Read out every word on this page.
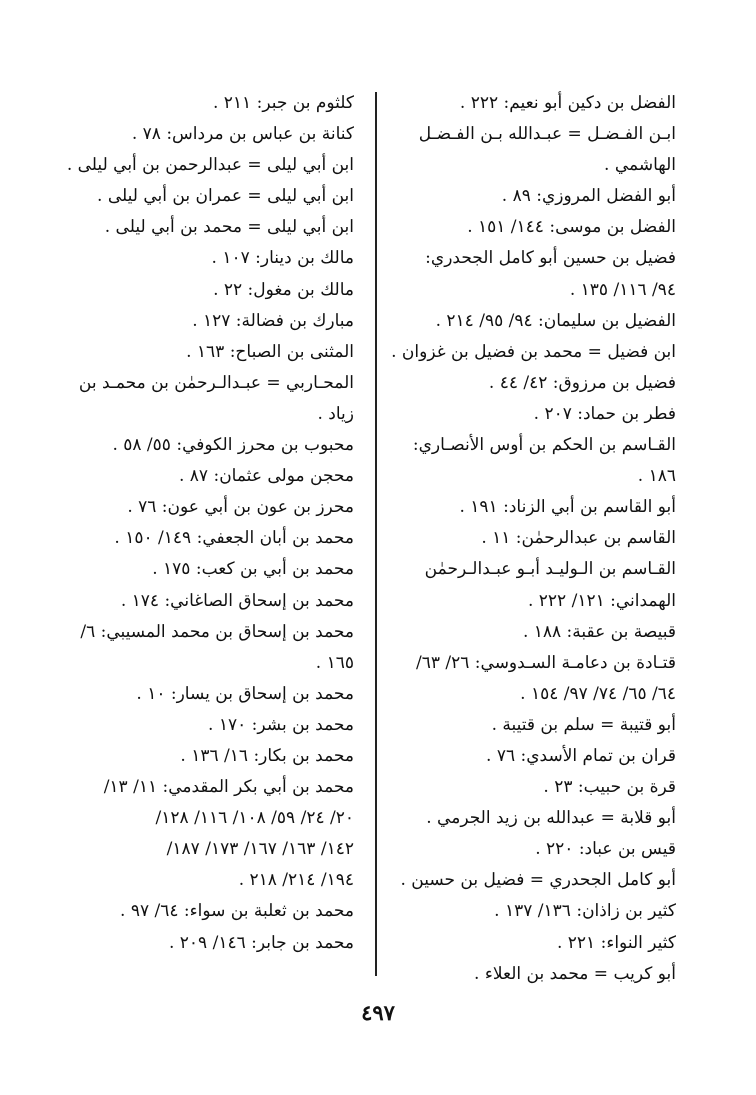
الفضل بن دكين أبو نعيم: ٢٢٢ .
ابـن الفـضـل = عبـدالله بـن الفـضـل
الهاشمي .
أبو الفضل المروزي: ٨٩ .
الفضل بن موسى: ١٤٤/ ١٥١ .
فضيل بن حسين أبو كامل الجحدري:
٩٤/ ١١٦/ ١٣٥ .
الفضيل بن سليمان: ٩٤/ ٩٥/ ٢١٤ .
ابن فضيل = محمد بن فضيل بن غزوان .
فضيل بن مرزوق: ٤٢/ ٤٤ .
فطر بن حماد: ٢٠٧ .
القـاسم بن الحكم بن أوس الأنصـاري:
١٨٦ .
أبو القاسم بن أبي الزناد: ١٩١ .
القاسم بن عبدالرحمٰن: ١١ .
القـاسم بن الـوليـد أبـو عبـدالـرحمٰن
الهمداني: ١٢١/ ٢٢٢ .
قبيصة بن عقبة: ١٨٨ .
قتـادة بن دعامـة السـدوسي: ٢٦/ ٦٣/
٦٤/ ٦٥/ ٧٤/ ٩٧/ ١٥٤ .
أبو قتيبة = سلم بن قتيبة .
قران بن تمام الأسدي: ٧٦ .
قرة بن حبيب: ٢٣ .
أبو قلابة = عبدالله بن زيد الجرمي .
قيس بن عباد: ٢٢٠ .
أبو كامل الجحدري = فضيل بن حسين .
كثير بن زاذان: ١٣٦/ ١٣٧ .
كثير النواء: ٢٢١ .
أبو كريب = محمد بن العلاء .
كلثوم بن جبر: ٢١١ .
كنانة بن عباس بن مرداس: ٧٨ .
ابن أبي ليلى = عبدالرحمن بن أبي ليلى .
ابن أبي ليلى = عمران بن أبي ليلى .
ابن أبي ليلى = محمد بن أبي ليلى .
مالك بن دينار: ١٠٧ .
مالك بن مغول: ٢٢ .
مبارك بن فضالة: ١٢٧ .
المثنى بن الصباح: ١٦٣ .
المحـاربي = عبـدالـرحمٰن بن محمـد بن
زياد .
محبوب بن محرز الكوفي: ٥٥/ ٥٨ .
محجن مولى عثمان: ٨٧ .
محرز بن عون بن أبي عون: ٧٦ .
محمد بن أبان الجعفي: ١٤٩/ ١٥٠ .
محمد بن أبي بن كعب: ١٧٥ .
محمد بن إسحاق الصاغاني: ١٧٤ .
محمد بن إسحاق بن محمد المسيبي: ٦/
١٦٥ .
محمد بن إسحاق بن يسار: ١٠ .
محمد بن بشر: ١٧٠ .
محمد بن بكار: ١٦/ ١٣٦ .
محمد بن أبي بكر المقدمي: ١١/ ١٣/
٢٠/ ٢٤/ ٥٩/ ١٠٨/ ١١٦/ ١٢٨/
١٤٢/ ١٦٣/ ١٦٧/ ١٧٣/ ١٨٧/
١٩٤/ ٢١٤/ ٢١٨ .
محمد بن ثعلبة بن سواء: ٦٤/ ٩٧ .
محمد بن جابر: ١٤٦/ ٢٠٩ .
٤٩٧
